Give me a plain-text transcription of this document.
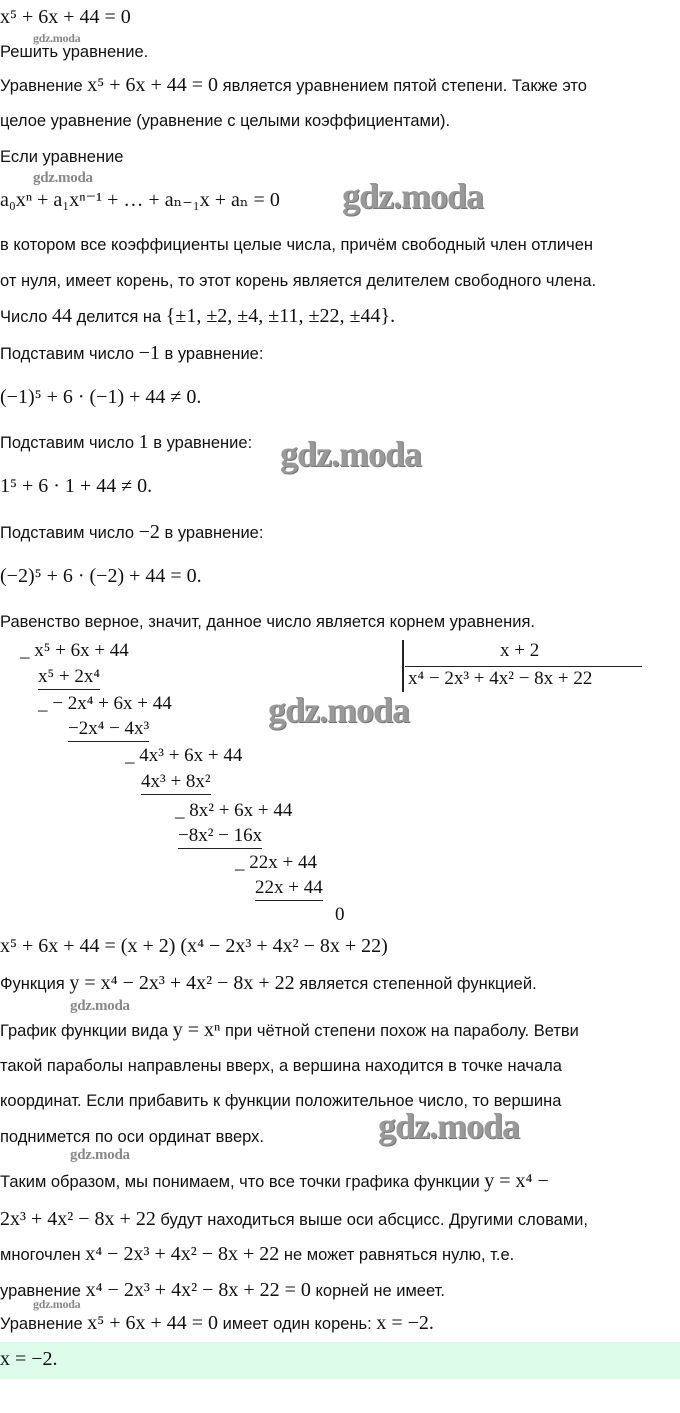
x⁵ + 6x + 44 = 0
Решить уравнение.
Уравнение x⁵ + 6x + 44 = 0 является уравнением пятой степени. Также это
целое уравнение (уравнение с целыми коэффициентами).
Если уравнение
a₀xⁿ + a₁xⁿ⁻¹ + … + aₙ₋₁x + aₙ = 0
в котором все коэффициенты целые числа, причём свободный член отличен
от нуля, имеет корень, то этот корень является делителем свободного члена.
Число 44 делится на {±1, ±2, ±4, ±11, ±22, ±44}.
Подставим число −1 в уравнение:
(−1)⁵ + 6 · (−1) + 44 ≠ 0.
Подставим число 1 в уравнение:
1⁵ + 6 · 1 + 44 ≠ 0.
Подставим число −2 в уравнение:
(−2)⁵ + 6 · (−2) + 44 = 0.
Равенство верное, значит, данное число является корнем уравнения.
x⁵ + 6x + 44 = (x + 2) (x⁴ − 2x³ + 4x² − 8x + 22)
Функция y = x⁴ − 2x³ + 4x² − 8x + 22 является степенной функцией.
График функции вида y = xⁿ при чётной степени похож на параболу. Ветви
такой параболы направлены вверх, а вершина находится в точке начала
координат. Если прибавить к функции положительное число, то вершина
поднимется по оси ординат вверх.
Таким образом, мы понимаем, что все точки графика функции y = x⁴ −
2x³ + 4x² − 8x + 22 будут находиться выше оси абсцисс. Другими словами,
многочлен x⁴ − 2x³ + 4x² − 8x + 22 не может равняться нулю, т.е.
уравнение x⁴ − 2x³ + 4x² − 8x + 22 = 0 корней не имеет.
Уравнение x⁵ + 6x + 44 = 0 имеет один корень: x = −2.
x + 2
x⁴ − 2x³ + 4x² − 8x + 22
_ x⁵ + 6x + 44
x⁵ + 2x⁴
_ − 2x⁴ + 6x + 44
−2x⁴ − 4x³
_ 4x³ + 6x + 44
4x³ + 8x²
_ 8x² + 6x + 44
−8x² − 16x
_ 22x + 44
22x + 44
0
x = −2.
gdz.moda
gdz.moda
gdz.moda
gdz.moda
gdz.moda
gdz.moda
gdz.moda
gdz.moda
gdz.moda
